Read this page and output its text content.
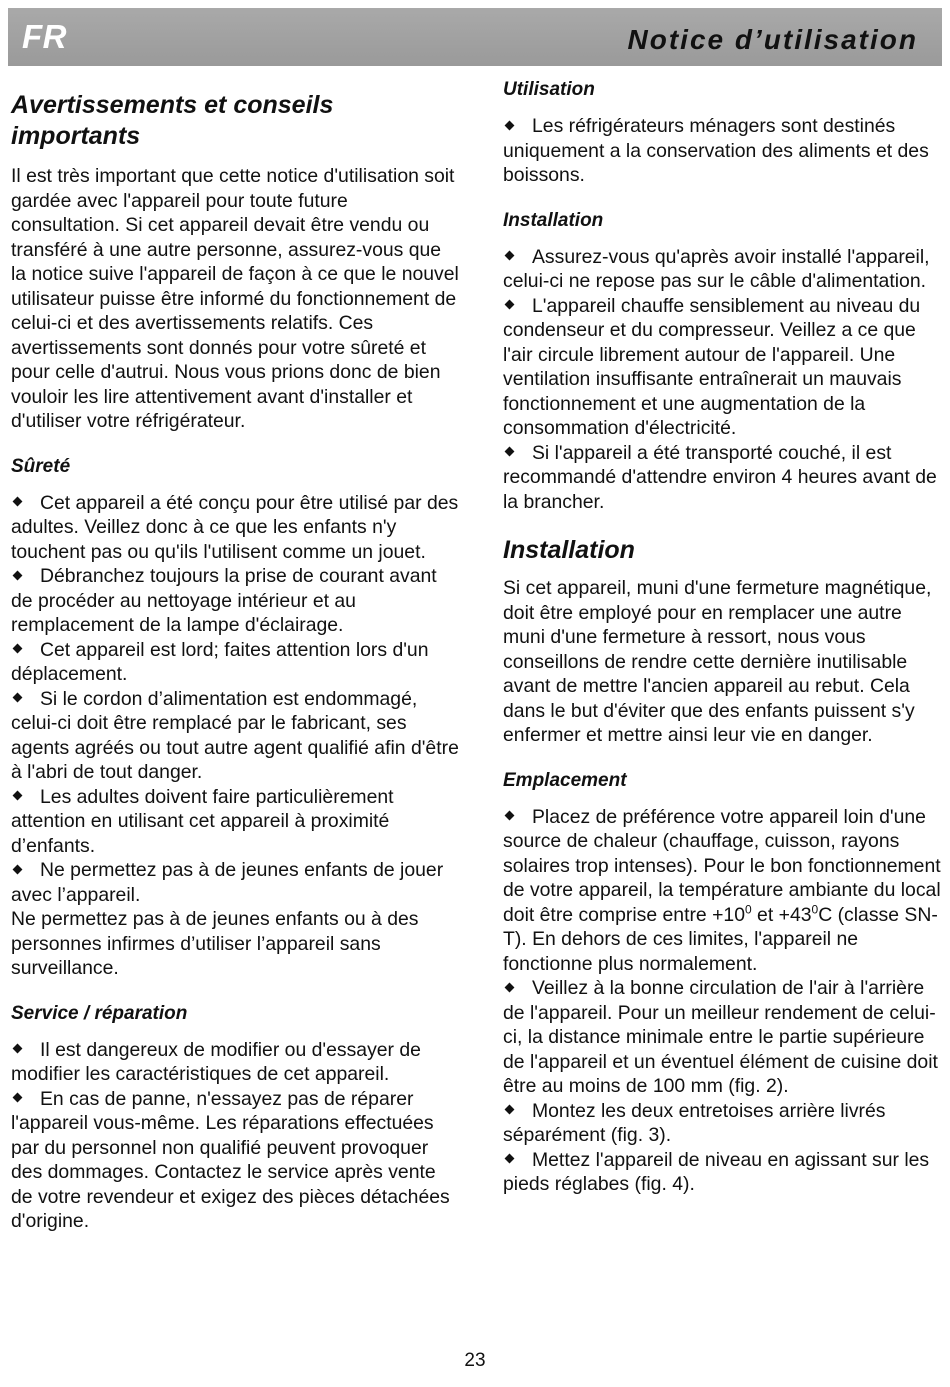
FR	Notice d’utilisation
Avertissements et conseils importants

Il est très important que cette notice d'utilisation soit gardée avec l'appareil pour toute future consultation. Si cet appareil devait être vendu ou transféré à une autre personne, assurez-vous que la notice suive l'appareil de façon à ce que le nouvel utilisateur puisse être informé du fonctionnement de celui-ci et des avertissements relatifs. Ces avertissements sont donnés pour votre sûreté et pour celle d'autrui. Nous vous prions donc de bien vouloir les lire attentivement avant d'installer et d'utiliser votre réfrigérateur.

Sûreté

Cet appareil a été conçu pour être utilisé par des adultes. Veillez donc à ce que les enfants n'y touchent pas ou qu'ils l'utilisent comme un jouet.

Débranchez toujours la prise de courant avant de procéder au nettoyage intérieur et au remplacement de la lampe d'éclairage.

Cet appareil est lord; faites attention lors d'un déplacement.

Si le cordon d’alimentation est endommagé, celui-ci doit être remplacé par le fabricant, ses agents agréés ou tout autre agent qualifié afin d'être à l'abri de tout danger.

Les adultes doivent faire particulièrement attention en utilisant cet appareil à proximité d’enfants.

Ne permettez pas à de jeunes enfants de jouer avec l’appareil.

Ne permettez pas à de jeunes enfants ou à des personnes infirmes d’utiliser l’appareil sans surveillance.

Service / réparation

Il est dangereux de modifier ou d'essayer de modifier les caractéristiques de cet appareil.

En cas de panne, n'essayez pas de réparer l'appareil vous-même. Les réparations effectuées par du personnel non qualifié peuvent provoquer des dommages. Contactez le service après vente de votre revendeur et exigez des pièces détachées d'origine.

Utilisation

Les réfrigérateurs ménagers sont destinés uniquement a la conservation des aliments et des boissons.

Installation

Assurez-vous qu'après avoir installé l'appareil, celui-ci ne repose pas sur le câble d'alimentation.

L'appareil chauffe sensiblement au niveau du condenseur et du compresseur. Veillez a ce que l'air circule librement autour de l'appareil. Une ventilation insuffisante entraînerait un mauvais fonctionnement et une augmentation de la consommation d'électricité.

Si l'appareil a été transporté couché, il est recommandé d'attendre environ 4 heures avant de la brancher.

Installation

Si cet appareil, muni d'une fermeture magnétique, doit être employé pour en remplacer une autre muni d'une fermeture à ressort, nous vous conseillons de rendre cette dernière inutilisable avant de mettre l'ancien appareil au rebut. Cela dans le but d'éviter que des enfants puissent s'y enfermer et mettre ainsi leur vie en danger.

Emplacement

Placez de préférence votre appareil loin d'une source de chaleur (chauffage, cuisson, rayons solaires trop intenses). Pour le bon fonctionnement de votre appareil, la température ambiante du local doit être comprise entre $+10^0$ et $+43^0C$ (classe SN-T). En dehors de ces limites, l'appareil ne fonctionne plus normalement.

Veillez à la bonne circulation de l'air à l'arrière de l'appareil. Pour un meilleur rendement de celui-ci, la distance minimale entre le partie supérieure de l'appareil et un éventuel élément de cuisine doit être au moins de 100 mm (fig. 2).

Montez les deux entretoises arrière livrés séparément (fig. 3).

Mettez l'appareil de niveau en agissant sur les pieds réglabes (fig. 4).

23
